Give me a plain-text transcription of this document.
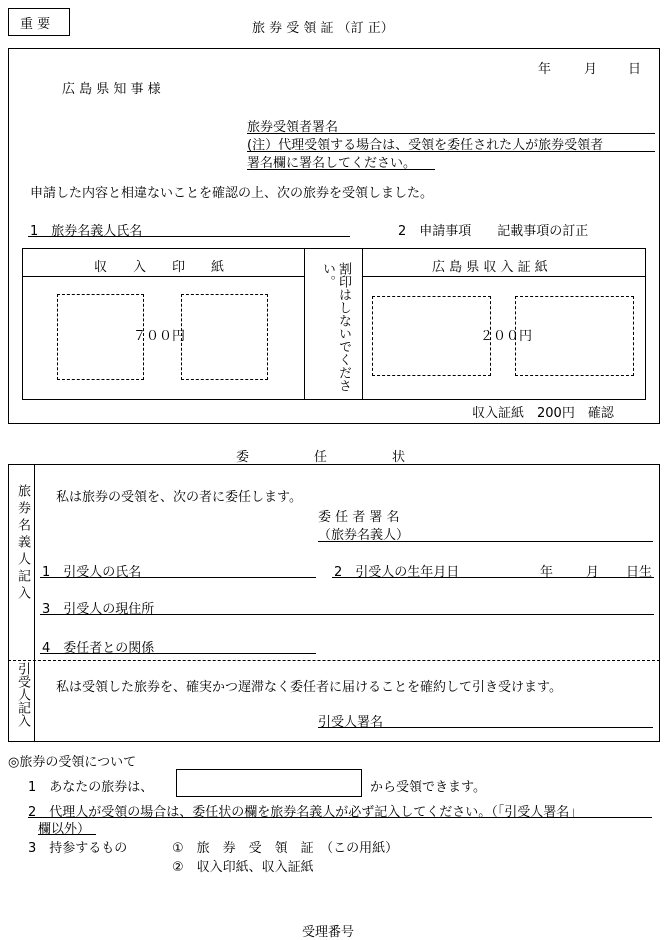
重 要	旅 券 受 領 証 （訂 正）
年	月 日
広 島 県 知 事 様
旅券受領者署名
(注）代理受領する場合は、受領を委任された人が旅券受領者
署名欄に署名してください。
申請した内容と相違ないことを確認の上、次の旅券を受領しました。
1　旅券名義人氏名	2　申請事項　　記載事項の訂正
収　　入　　印　　紙	広 島 県 収 入 証 紙
７００円	割印はしないでください。
２００円
収入証紙　200円　確認
委　　　　　任　　　　　状
旅券名義人記入
引受人記入
私は旅券の受領を、次の者に委任します。
委 任 者 署 名
（旅券名義人）
1　引受人の氏名	2　引受人の生年月日	年	月 日生
3　引受人の現住所
4　委任者との関係
私は受領した旅券を、確実かつ遅滞なく委任者に届けることを確約して引き受けます。
引受人署名
◎旅券の受領について
1　あなたの旅券は、	から受領できます。
2　代理人が受領の場合は、委任状の欄を旅券名義人が必ず記入してください。（「引受人署名」
欄以外）
3　持参するもの	①　旅　券　受　領　証　（この用紙）
②　収入印紙、収入証紙
受理番号
